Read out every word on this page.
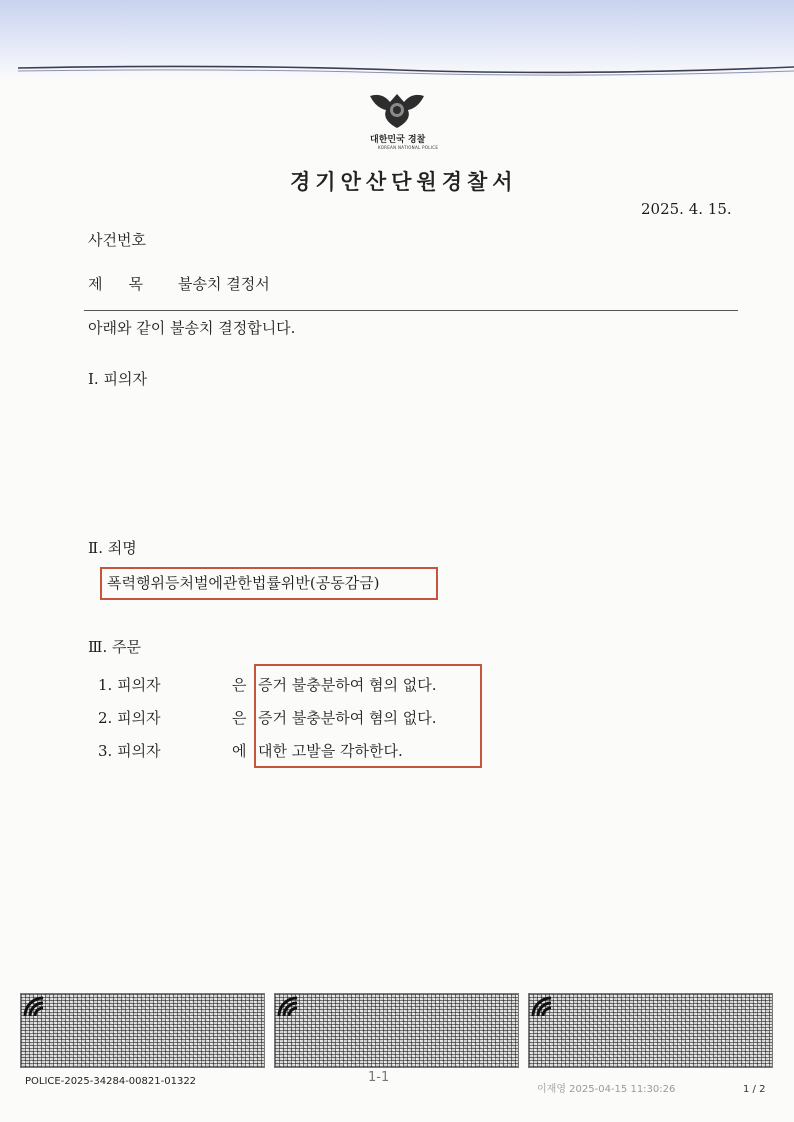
대한민국 경찰
KOREAN NATIONAL POLICE
경기안산단원경찰서
2025. 4. 15.
사건번호
제목 불송치 결정서
아래와 같이 불송치 결정합니다.
Ⅰ. 피의자
Ⅱ. 죄명
폭력행위등처벌에관한법률위반(공동감금)
Ⅲ. 주문
1. 피의자	은 증거 불충분하여 혐의 없다.
2. 피의자	은 증거 불충분하여 혐의 없다.
3. 피의자	에 대한 고발을 각하한다.
POLICE-2025-34284-00821-01322	1-1
이재영 2025-04-15 11:30:26	1 / 2
